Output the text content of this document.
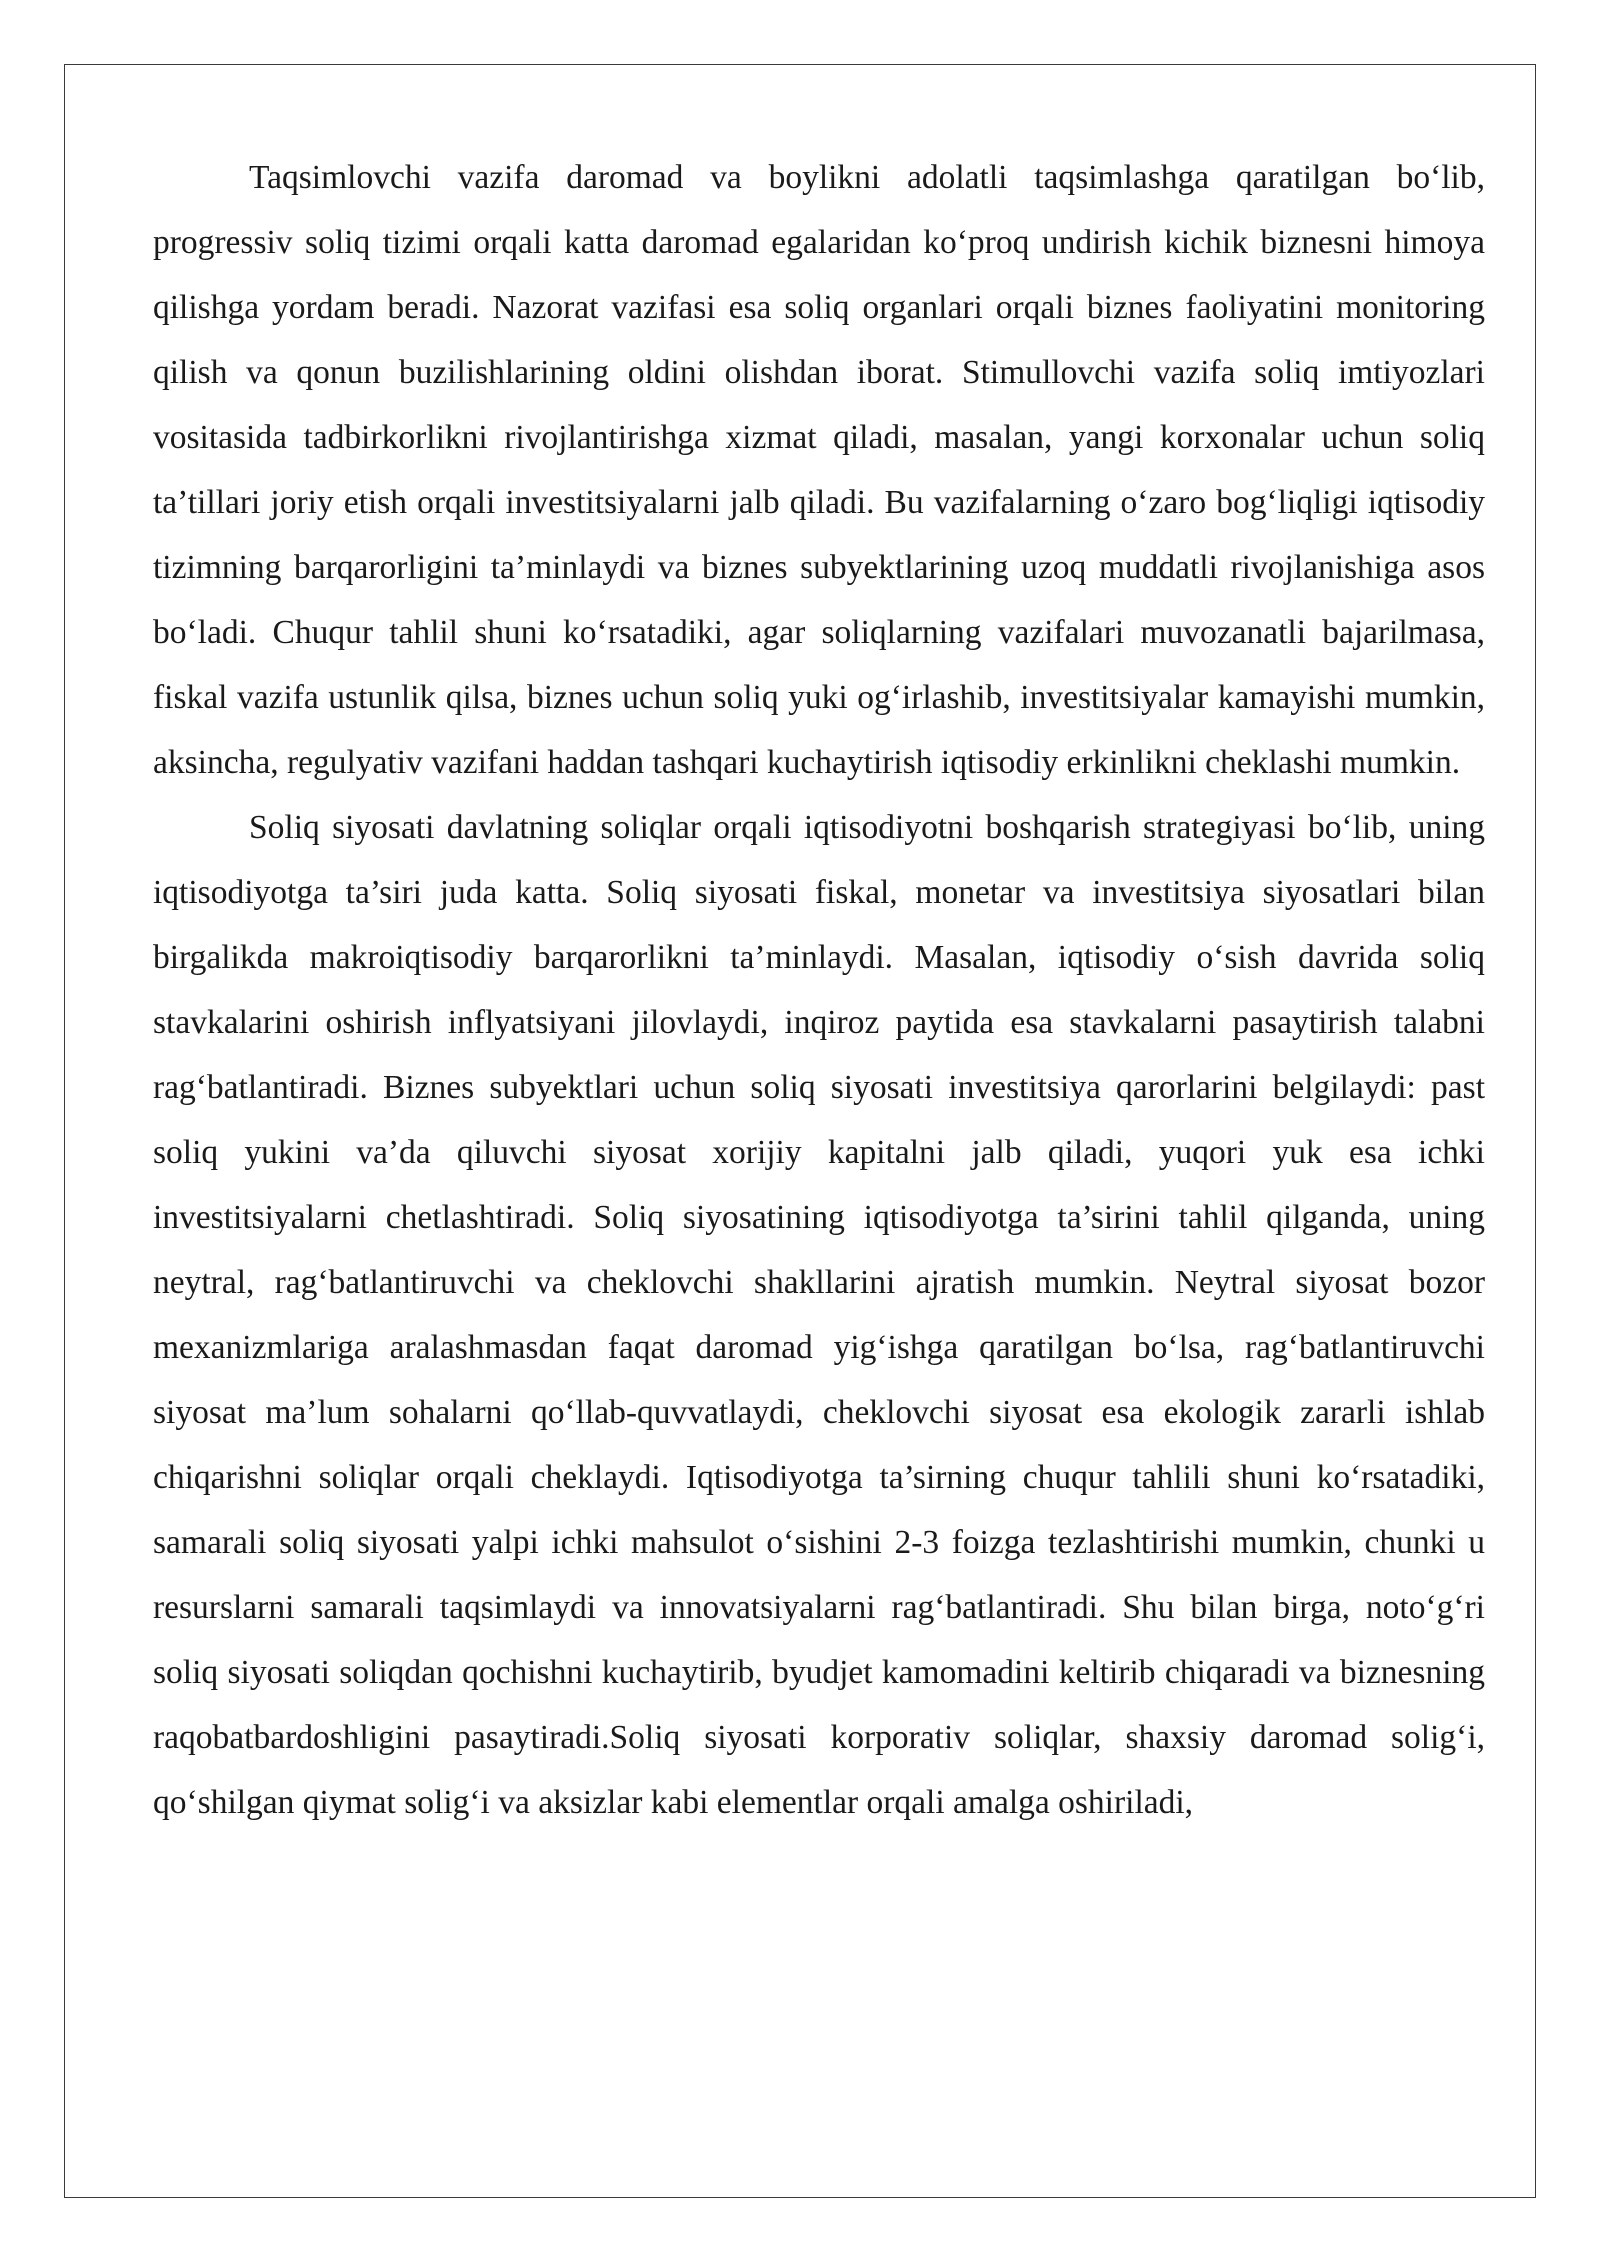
Taqsimlovchi vazifa daromad va boylikni adolatli taqsimlashga qaratilgan bo‘lib, progressiv soliq tizimi orqali katta daromad egalaridan ko‘proq undirish kichik biznesni himoya qilishga yordam beradi. Nazorat vazifasi esa soliq organlari orqali biznes faoliyatini monitoring qilish va qonun buzilishlarining oldini olishdan iborat. Stimullovchi vazifa soliq imtiyozlari vositasida tadbirkorlikni rivojlantirishga xizmat qiladi, masalan, yangi korxonalar uchun soliq ta’tillari joriy etish orqali investitsiyalarni jalb qiladi. Bu vazifalarning o‘zaro bog‘liqligi iqtisodiy tizimning barqarorligini ta’minlaydi va biznes subyektlarining uzoq muddatli rivojlanishiga asos bo‘ladi. Chuqur tahlil shuni ko‘rsatadiki, agar soliqlarning vazifalari muvozanatli bajarilmasa, fiskal vazifa ustunlik qilsa, biznes uchun soliq yuki og‘irlashib, investitsiyalar kamayishi mumkin, aksincha, regulyativ vazifani haddan tashqari kuchaytirish iqtisodiy erkinlikni cheklashi mumkin.

Soliq siyosati davlatning soliqlar orqali iqtisodiyotni boshqarish strategiyasi bo‘lib, uning iqtisodiyotga ta’siri juda katta. Soliq siyosati fiskal, monetar va investitsiya siyosatlari bilan birgalikda makroiqtisodiy barqarorlikni ta’minlaydi. Masalan, iqtisodiy o‘sish davrida soliq stavkalarini oshirish inflyatsiyani jilovlaydi, inqiroz paytida esa stavkalarni pasaytirish talabni rag‘batlantiradi. Biznes subyektlari uchun soliq siyosati investitsiya qarorlarini belgilaydi: past soliq yukini va’da qiluvchi siyosat xorijiy kapitalni jalb qiladi, yuqori yuk esa ichki investitsiyalarni chetlashtiradi. Soliq siyosatining iqtisodiyotga ta’sirini tahlil qilganda, uning neytral, rag‘batlantiruvchi va cheklovchi shakllarini ajratish mumkin. Neytral siyosat bozor mexanizmlariga aralashmasdan faqat daromad yig‘ishga qaratilgan bo‘lsa, rag‘batlantiruvchi siyosat ma’lum sohalarni qo‘llab-quvvatlaydi, cheklovchi siyosat esa ekologik zararli ishlab chiqarishni soliqlar orqali cheklaydi. Iqtisodiyotga ta’sirning chuqur tahlili shuni ko‘rsatadiki, samarali soliq siyosati yalpi ichki mahsulot o‘sishini 2-3 foizga tezlashtirishi mumkin, chunki u resurslarni samarali taqsimlaydi va innovatsiyalarni rag‘batlantiradi. Shu bilan birga, noto‘g‘ri soliq siyosati soliqdan qochishni kuchaytirib, byudjet kamomadini keltirib chiqaradi va biznesning raqobatbardoshligini pasaytiradi.Soliq siyosati korporativ soliqlar, shaxsiy daromad solig‘i, qo‘shilgan qiymat solig‘i va aksizlar kabi elementlar orqali amalga oshiriladi,
